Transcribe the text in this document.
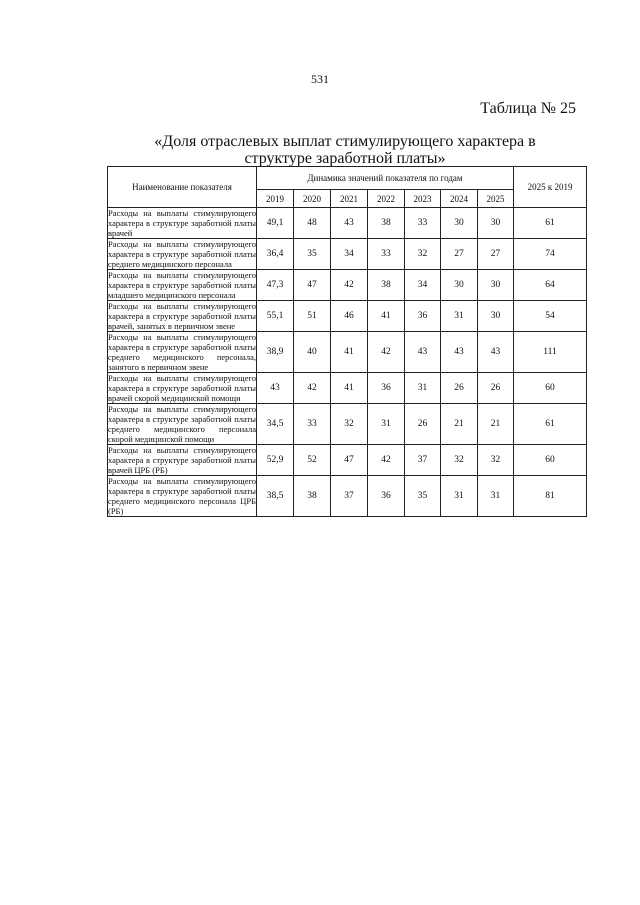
531
Таблица № 25
«Доля отраслевых выплат стимулирующего характера в структуре заработной платы»
Наименование показателя	Динамика значений показателя по годам							2025 к 2019
	2019	2020	2021	2022	2023	2024	2025	
Расходы на выплаты стимулирующего характера в структуре заработной платы врачей	49,1	48	43	38	33	30	30	61
Расходы на выплаты стимулирующего характера в структуре заработной платы среднего медицинского персонала	36,4	35	34	33	32	27	27	74
Расходы на выплаты стимулирующего характера в структуре заработной платы младшего медицинского персонала	47,3	47	42	38	34	30	30	64
Расходы на выплаты стимулирующего характера в структуре заработной платы врачей, занятых в первичном звене	55,1	51	46	41	36	31	30	54
Расходы на выплаты стимулирующего характера в структуре заработной платы среднего медицинского персонала, занятого в первичном звене	38,9	40	41	42	43	43	43	111
Расходы на выплаты стимулирующего характера в структуре заработной платы врачей скорой медицинской помощи	43	42	41	36	31	26	26	60
Расходы на выплаты стимулирующего характера в структуре заработной платы среднего медицинского персонала скорой медицинской помощи	34,5	33	32	31	26	21	21	61
Расходы на выплаты стимулирующего характера в структуре заработной платы врачей ЦРБ (РБ)	52,9	52	47	42	37	32	32	60
Расходы на выплаты стимулирующего характера в структуре заработной платы среднего медицинского персонала ЦРБ (РБ)	38,5	38	37	36	35	31	31	81
